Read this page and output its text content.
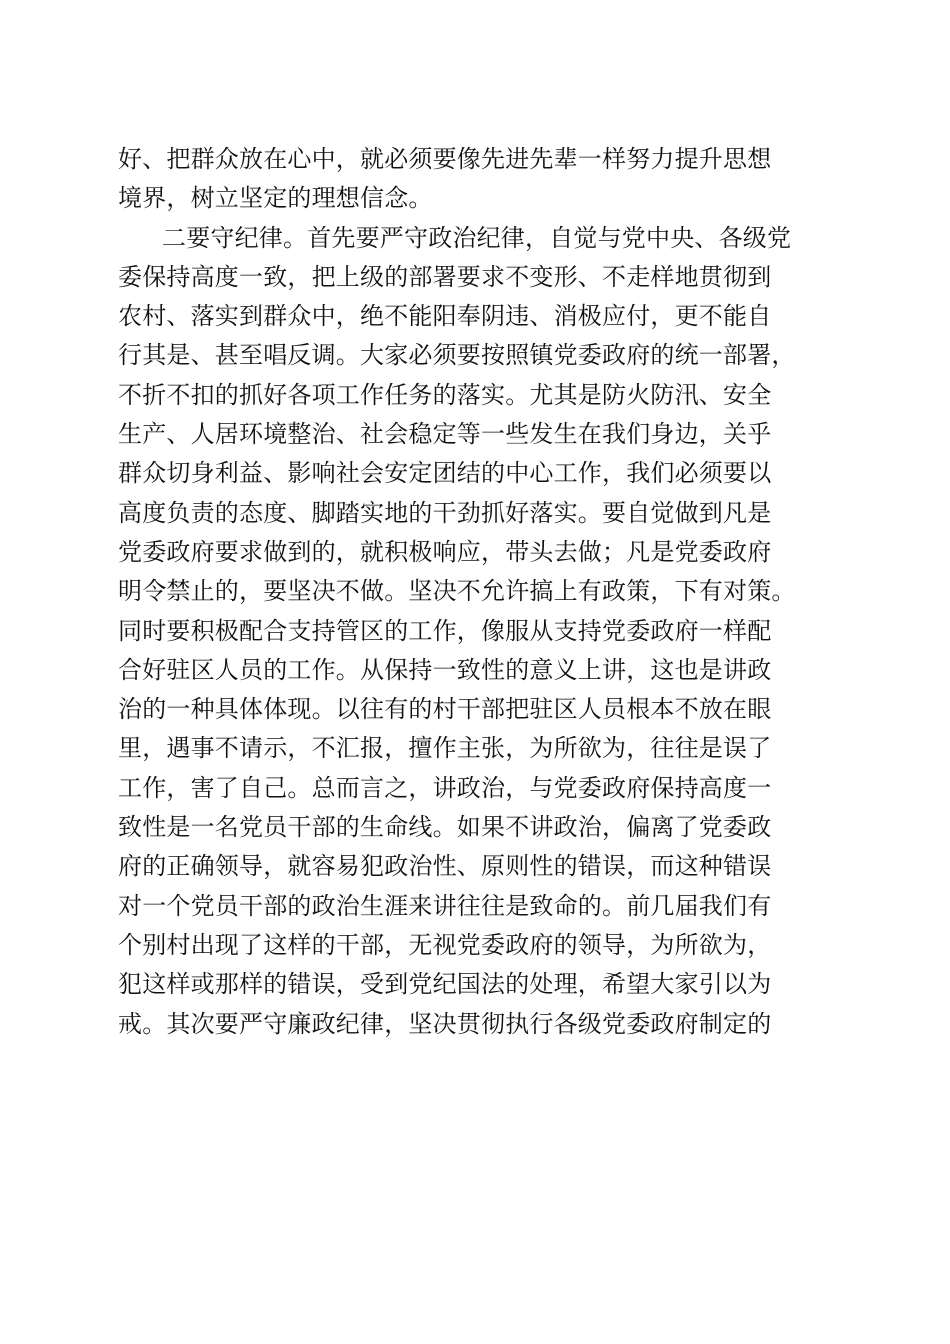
好、把群众放在心中，就必须要像先进先辈一样努力提升思想
境界，树立坚定的理想信念。
二要守纪律。首先要严守政治纪律，自觉与党中央、各级党
委保持高度一致，把上级的部署要求不变形、不走样地贯彻到
农村、落实到群众中，绝不能阳奉阴违、消极应付，更不能自
行其是、甚至唱反调。大家必须要按照镇党委政府的统一部署，
不折不扣的抓好各项工作任务的落实。尤其是防火防汛、安全
生产、人居环境整治、社会稳定等一些发生在我们身边，关乎
群众切身利益、影响社会安定团结的中心工作，我们必须要以
高度负责的态度、脚踏实地的干劲抓好落实。要自觉做到凡是
党委政府要求做到的，就积极响应，带头去做；凡是党委政府
明令禁止的，要坚决不做。坚决不允许搞上有政策，下有对策。
同时要积极配合支持管区的工作，像服从支持党委政府一样配
合好驻区人员的工作。从保持一致性的意义上讲，这也是讲政
治的一种具体体现。以往有的村干部把驻区人员根本不放在眼
里，遇事不请示，不汇报，擅作主张，为所欲为，往往是误了
工作，害了自己。总而言之，讲政治，与党委政府保持高度一
致性是一名党员干部的生命线。如果不讲政治，偏离了党委政
府的正确领导，就容易犯政治性、原则性的错误，而这种错误
对一个党员干部的政治生涯来讲往往是致命的。前几届我们有
个别村出现了这样的干部，无视党委政府的领导，为所欲为，
犯这样或那样的错误，受到党纪国法的处理，希望大家引以为
戒。其次要严守廉政纪律，坚决贯彻执行各级党委政府制定的
